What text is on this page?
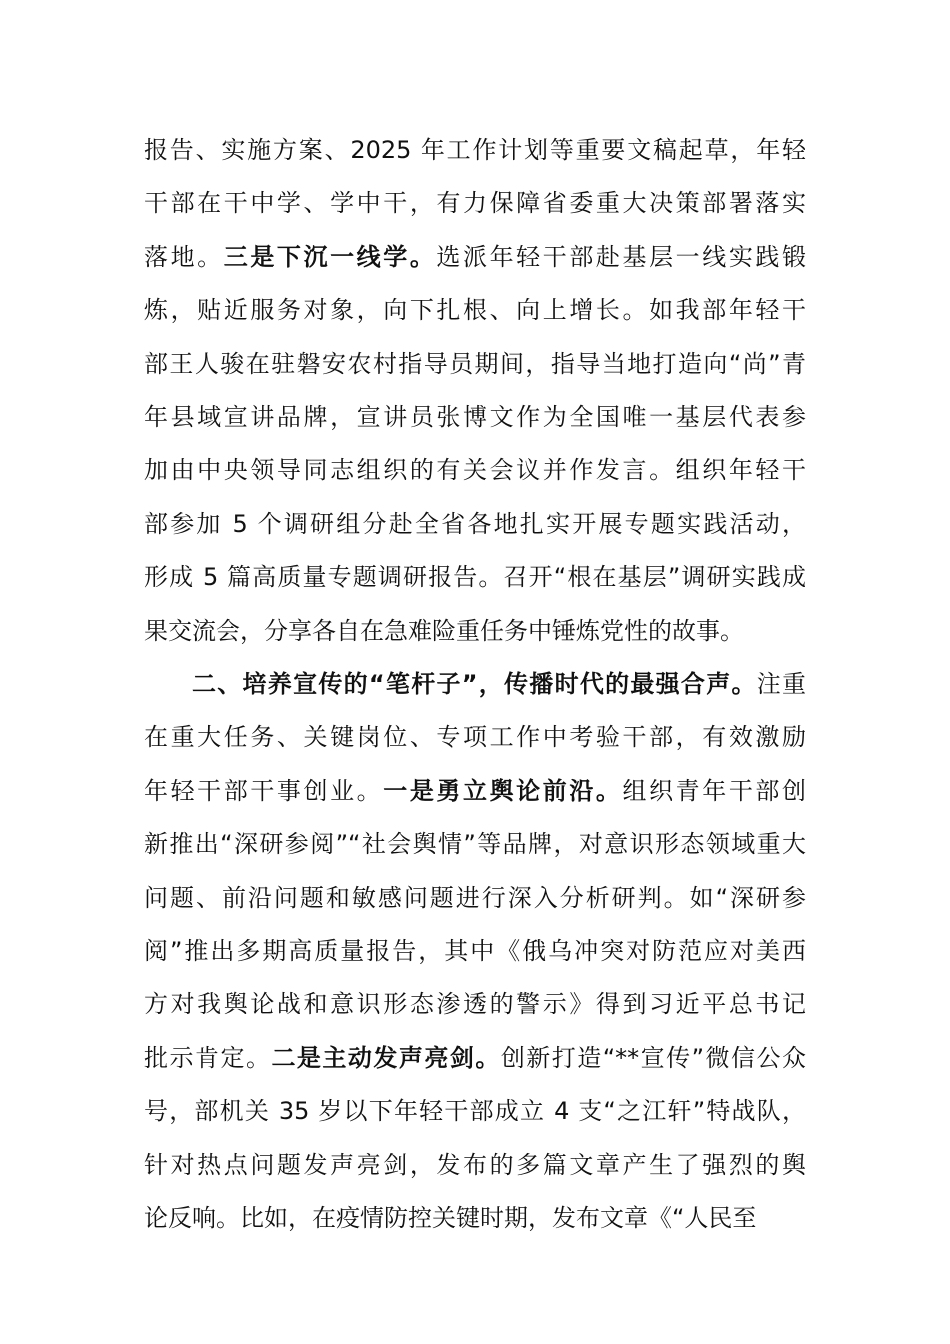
报告、实施方案、2025 年工作计划等重要文稿起草，年轻
干部在干中学、学中干，有力保障省委重大决策部署落实
落地。三是下沉一线学。选派年轻干部赴基层一线实践锻
炼，贴近服务对象，向下扎根、向上增长。如我部年轻干
部王人骏在驻磐安农村指导员期间，指导当地打造向“尚”青
年县域宣讲品牌，宣讲员张博文作为全国唯一基层代表参
加由中央领导同志组织的有关会议并作发言。组织年轻干
部参加 5 个调研组分赴全省各地扎实开展专题实践活动，
形成 5 篇高质量专题调研报告。召开“根在基层”调研实践成
果交流会，分享各自在急难险重任务中锤炼党性的故事。
二、培养宣传的“笔杆子”，传播时代的最强合声。注重
在重大任务、关键岗位、专项工作中考验干部，有效激励
年轻干部干事创业。一是勇立舆论前沿。组织青年干部创
新推出“深研参阅”“社会舆情”等品牌，对意识形态领域重大
问题、前沿问题和敏感问题进行深入分析研判。如“深研参
阅”推出多期高质量报告，其中《俄乌冲突对防范应对美西
方对我舆论战和意识形态渗透的警示》得到习近平总书记
批示肯定。二是主动发声亮剑。创新打造“**宣传”微信公众
号，部机关 35 岁以下年轻干部成立 4 支“之江轩”特战队，
针对热点问题发声亮剑，发布的多篇文章产生了强烈的舆
论反响。比如，在疫情防控关键时期，发布文章《“人民至
